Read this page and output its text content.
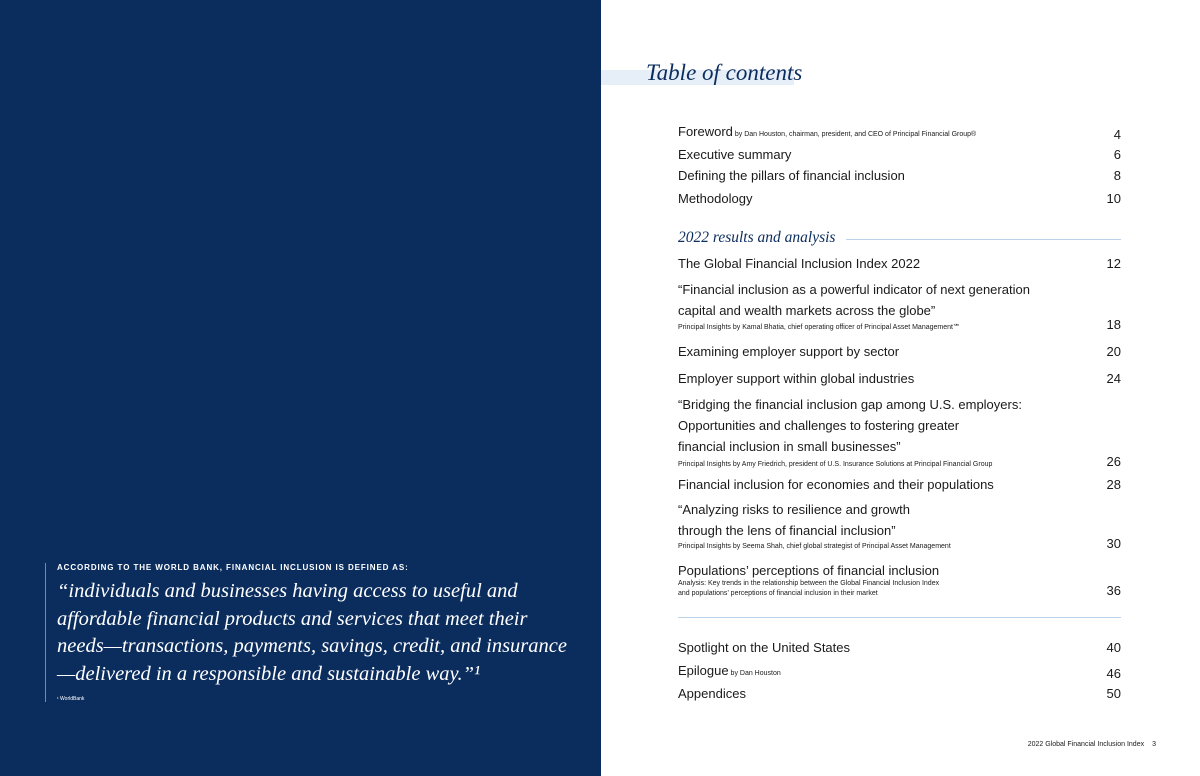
ACCORDING TO THE WORLD BANK, FINANCIAL INCLUSION IS DEFINED AS:

“individuals and businesses having access to useful and affordable financial products and services that meet their needs—transactions, payments, savings, credit, and insurance—delivered in a responsible and sustainable way.”¹

¹ WorldBank
Table of contents
Foreword by Dan Houston, chairman, president, and CEO of Principal Financial Group®	4
Executive summary	6
Defining the pillars of financial inclusion	8
Methodology	10
2022 results and analysis
The Global Financial Inclusion Index 2022	12
“Financial inclusion as a powerful indicator of next generation
capital and wealth markets across the globe”
Principal Insights by Kamal Bhatia, chief operating officer of Principal Asset Management℠	18
Examining employer support by sector	20
Employer support within global industries	24
“Bridging the financial inclusion gap among U.S. employers:
Opportunities and challenges to fostering greater
financial inclusion in small businesses”
Principal Insights by Amy Friedrich, president of U.S. Insurance Solutions at Principal Financial Group	26
Financial inclusion for economies and their populations	28
“Analyzing risks to resilience and growth
through the lens of financial inclusion”
Principal Insights by Seema Shah, chief global strategist of Principal Asset Management	30
Populations’ perceptions of financial inclusion
Analysis: Key trends in the relationship between the Global Financial Inclusion Index
and populations’ perceptions of financial inclusion in their market	36
Spotlight on the United States	40
Epilogue by Dan Houston	46
Appendices	50
2022 Global Financial Inclusion Index 3
